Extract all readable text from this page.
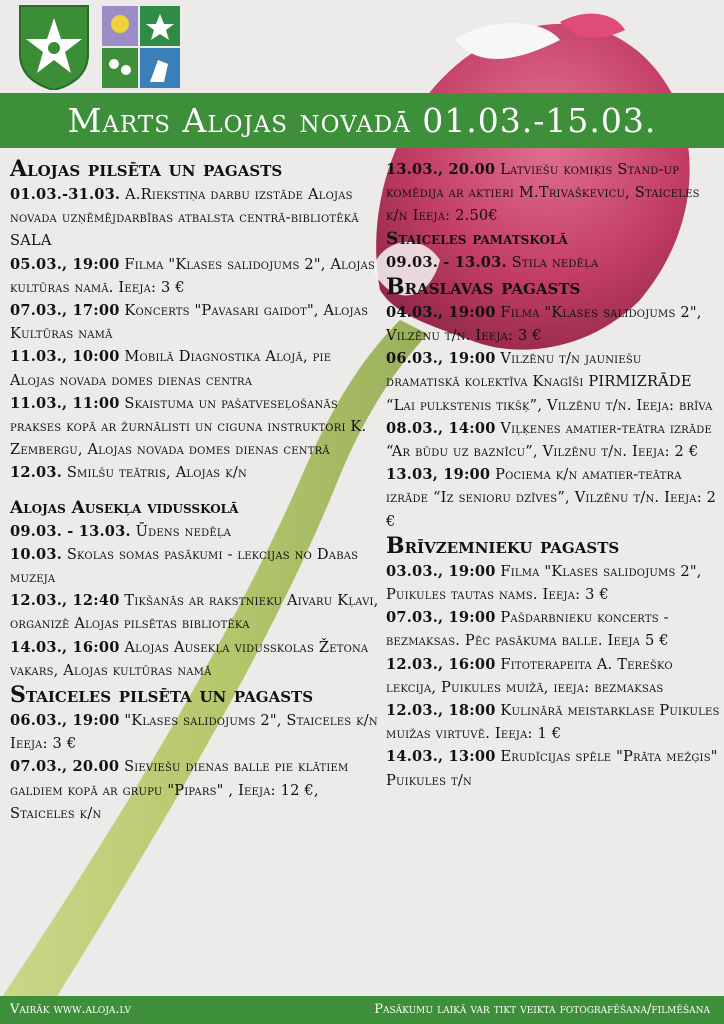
Marts Alojas novadā 01.03.-15.03.
Alojas pilsēta un pagasts

01.03.-31.03. A.Riekstiņa darbu izstāde Alojas novada uzņēmējdarbības atbalsta centrā-bibliotēkā SALA

05.03., 19:00 Filma "Klases salidojums 2", Alojas kultūras namā. Ieeja: 3 €

07.03., 17:00 Koncerts "Pavasari gaidot", Alojas Kultūras namā

11.03., 10:00 Mobilā Diagnostika Alojā, pie Alojas novada domes dienas centra

11.03., 11:00 Skaistuma un pašatveseļošanās prakses kopā ar žurnālisti un ciguna instruktori K. Zembergu, Alojas novada domes dienas centrā

12.03. Smilšu teātris, Alojas k/n

Alojas Ausekļa vidusskolā

09.03. - 13.03. Ūdens nedēļa

10.03. Skolas somas pasākumi - lekcijas no Dabas muzeja

12.03., 12:40 Tikšanās ar rakstnieku Aivaru Kļavi, organizē Alojas pilsētas bibliotēka

14.03., 16:00 Alojas Ausekļa vidusskolas Žetona vakars, Alojas kultūras namā

Staiceles pilsēta un pagasts

06.03., 19:00 "Klases salidojums 2", Staiceles k/n Ieeja: 3 €

07.03., 20.00 Sieviešu dienas balle pie klātiem galdiem kopā ar grupu "Pipars" , Ieeja: 12 €, Staiceles k/n

13.03., 20.00 Latviešu komiķis Stand-up komēdija ar aktieri M.Trivaškevicu, Staiceles k/n Ieeja: 2.50€

Staiceles pamatskolā

09.03. - 13.03. Stila nedēļa

Braslavas pagasts

04.03., 19:00 Filma "Klases salidojums 2", Vilzēnu t/n. Ieeja: 3 €

06.03., 19:00 Vilzēnu t/n jauniešu dramatiskā kolektīva Knagīši PIRMIZRĀDE “Lai pulkstenis tikšķ”, Vilzēnu t/n. Ieeja: brīva

08.03., 14:00 Viļķenes amatier-teātra izrāde “Ar būdu uz baznīcu”, Vilzēnu t/n. Ieeja: 2 €

13.03, 19:00 Pociema k/n amatier-teātra izrāde “Iz senioru dzīves”, Vilzēnu t/n. Ieeja: 2 €

Brīvzemnieku pagasts

03.03., 19:00 Filma "Klases salidojums 2", Puikules tautas nams. Ieeja: 3 €

07.03., 19:00 Pašdarbnieku koncerts - bezmaksas. Pēc pasākuma balle. Ieeja 5 €

12.03., 16:00 Fitoterapeita A. Tereško lekcija, Puikules muižā, ieeja: bezmaksas

12.03., 18:00 Kulinārā meistarklase Puikules muižas virtuvē. Ieeja: 1 €

14.03., 13:00 Erudīcijas spēle "Prāta mežģis" Puikules t/n

Vairāk www.aloja.lv	Pasākumu laikā var tikt veikta fotografēšana/filmēšana
